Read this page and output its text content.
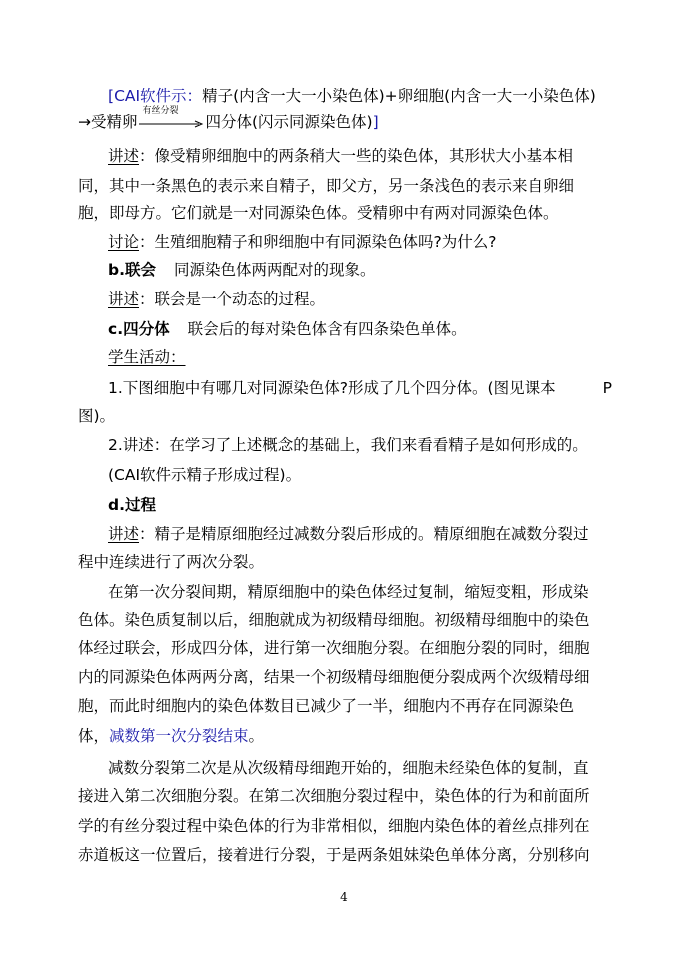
[CAI软件示：精子(内含一大一小染色体)+卵细胞(内含一大一小染色体)
→受精卵
有丝分裂
四分体(闪示同源染色体)]
讲述：像受精卵细胞中的两条稍大一些的染色体，其形状大小基本相
同，其中一条黑色的表示来自精子，即父方，另一条浅色的表示来自卵细
胞，即母方。它们就是一对同源染色体。受精卵中有两对同源染色体。
讨论：生殖细胞精子和卵细胞中有同源染色体吗?为什么?
b.联会 同源染色体两两配对的现象。
讲述：联会是一个动态的过程。
c.四分体 联会后的每对染色体含有四条染色单体。
学生活动：
1.下图细胞中有哪几对同源染色体?形成了几个四分体。(图见课本	P
图)。
2.讲述：在学习了上述概念的基础上，我们来看看精子是如何形成的。
(CAI软件示精子形成过程)。
d.过程
讲述：精子是精原细胞经过减数分裂后形成的。精原细胞在减数分裂过
程中连续进行了两次分裂。
在第一次分裂间期，精原细胞中的染色体经过复制，缩短变粗，形成染
色体。染色质复制以后，细胞就成为初级精母细胞。初级精母细胞中的染色
体经过联会，形成四分体，进行第一次细胞分裂。在细胞分裂的同时，细胞
内的同源染色体两两分离，结果一个初级精母细胞便分裂成两个次级精母细
胞，而此时细胞内的染色体数目已减少了一半，细胞内不再存在同源染色
体，减数第一次分裂结束。
减数分裂第二次是从次级精母细跑开始的，细胞未经染色体的复制，直
接进入第二次细胞分裂。在第二次细胞分裂过程中，染色体的行为和前面所
学的有丝分裂过程中染色体的行为非常相似，细胞内染色体的着丝点排列在
赤道板这一位置后，接着进行分裂，于是两条姐妹染色单体分离，分别移向
4
